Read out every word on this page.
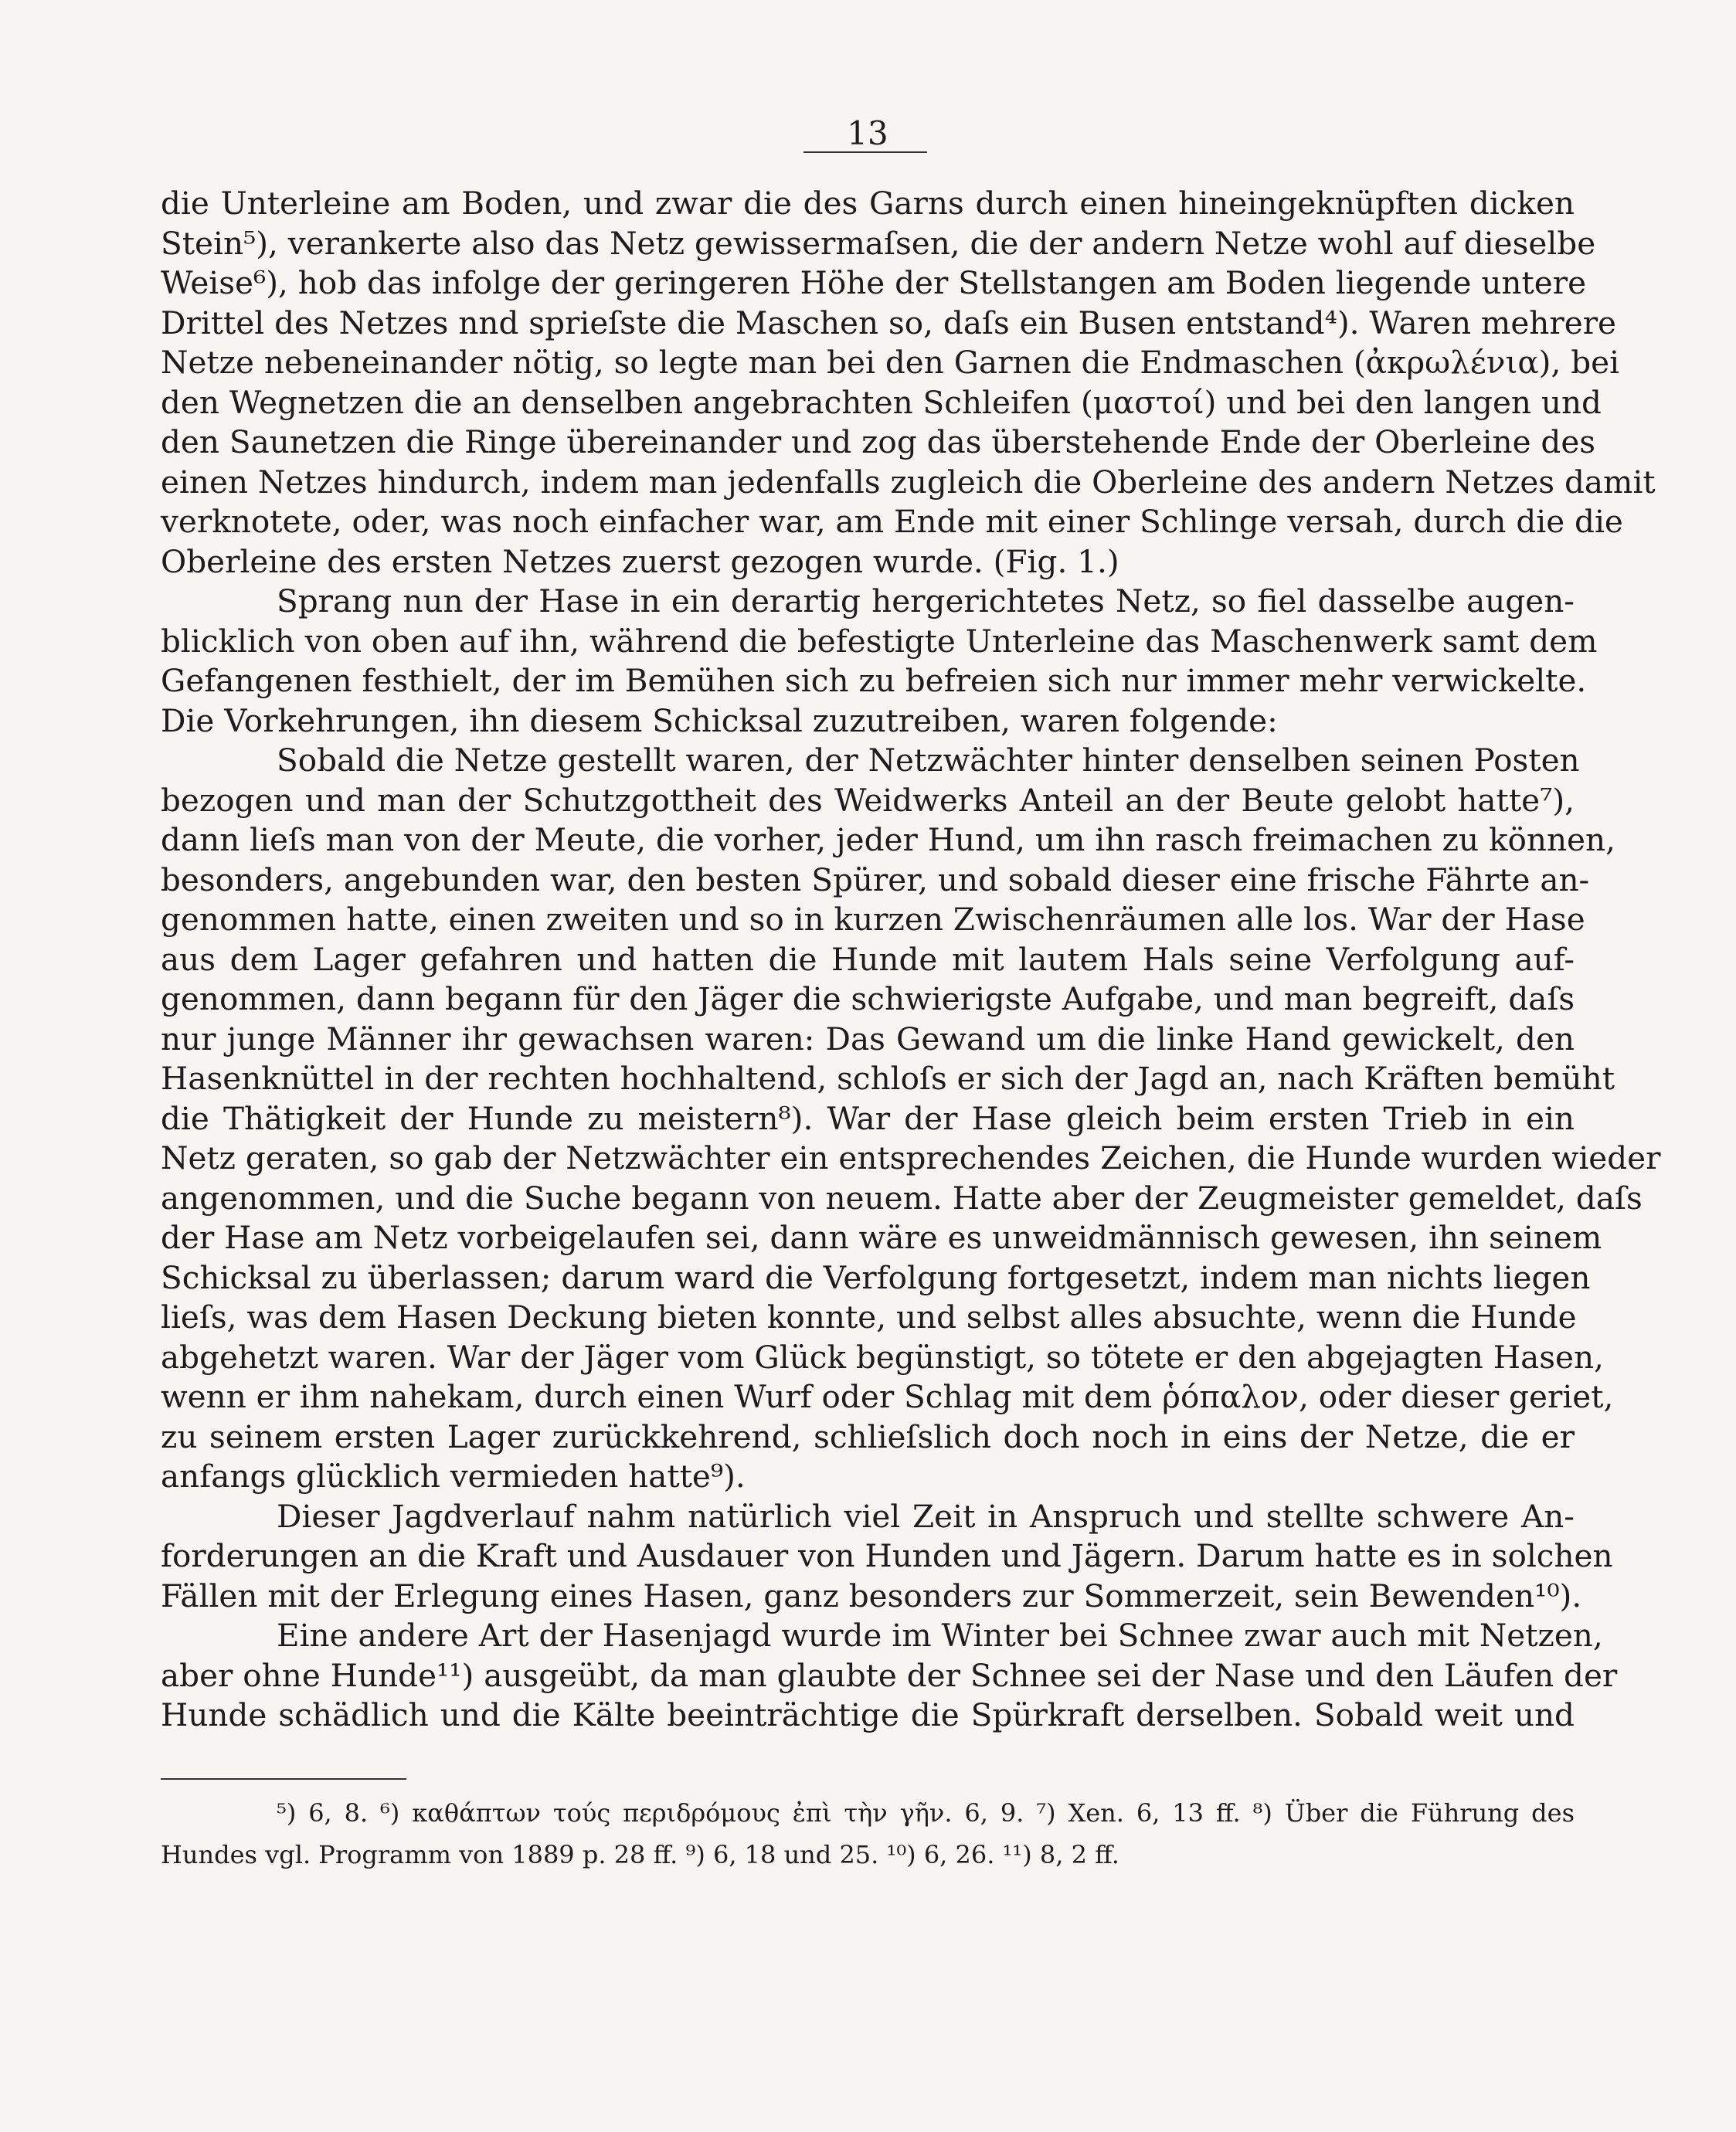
13
die Unterleine am Boden, und zwar die des Garns durch einen hineingeknüpften dicken
Stein⁵), verankerte also das Netz gewissermaſsen, die der andern Netze wohl auf dieselbe
Weise⁶), hob das infolge der geringeren Höhe der Stellstangen am Boden liegende untere
Drittel des Netzes nnd sprieſste die Maschen so, daſs ein Busen entstand⁴). Waren mehrere
Netze nebeneinander nötig, so legte man bei den Garnen die Endmaschen (ἀκρωλένια), bei
den Wegnetzen die an denselben angebrachten Schleifen (μαστοί) und bei den langen und
den Saunetzen die Ringe übereinander und zog das überstehende Ende der Oberleine des
einen Netzes hindurch, indem man jedenfalls zugleich die Oberleine des andern Netzes damit
verknotete, oder, was noch einfacher war, am Ende mit einer Schlinge versah, durch die die
Oberleine des ersten Netzes zuerst gezogen wurde. (Fig. 1.)
Sprang nun der Hase in ein derartig hergerichtetes Netz, so fiel dasselbe augen-
blicklich von oben auf ihn, während die befestigte Unterleine das Maschenwerk samt dem
Gefangenen festhielt, der im Bemühen sich zu befreien sich nur immer mehr verwickelte.
Die Vorkehrungen, ihn diesem Schicksal zuzutreiben, waren folgende:
Sobald die Netze gestellt waren, der Netzwächter hinter denselben seinen Posten
bezogen und man der Schutzgottheit des Weidwerks Anteil an der Beute gelobt hatte⁷),
dann lieſs man von der Meute, die vorher, jeder Hund, um ihn rasch freimachen zu können,
besonders, angebunden war, den besten Spürer, und sobald dieser eine frische Fährte an-
genommen hatte, einen zweiten und so in kurzen Zwischenräumen alle los. War der Hase
aus dem Lager gefahren und hatten die Hunde mit lautem Hals seine Verfolgung auf-
genommen, dann begann für den Jäger die schwierigste Aufgabe, und man begreift, daſs
nur junge Männer ihr gewachsen waren: Das Gewand um die linke Hand gewickelt, den
Hasenknüttel in der rechten hochhaltend, schloſs er sich der Jagd an, nach Kräften bemüht
die Thätigkeit der Hunde zu meistern⁸). War der Hase gleich beim ersten Trieb in ein
Netz geraten, so gab der Netzwächter ein entsprechendes Zeichen, die Hunde wurden wieder
angenommen, und die Suche begann von neuem. Hatte aber der Zeugmeister gemeldet, daſs
der Hase am Netz vorbeigelaufen sei, dann wäre es unweidmännisch gewesen, ihn seinem
Schicksal zu überlassen; darum ward die Verfolgung fortgesetzt, indem man nichts liegen
lieſs, was dem Hasen Deckung bieten konnte, und selbst alles absuchte, wenn die Hunde
abgehetzt waren. War der Jäger vom Glück begünstigt, so tötete er den abgejagten Hasen,
wenn er ihm nahekam, durch einen Wurf oder Schlag mit dem ῥόπαλον, oder dieser geriet,
zu seinem ersten Lager zurückkehrend, schlieſslich doch noch in eins der Netze, die er
anfangs glücklich vermieden hatte⁹).
Dieser Jagdverlauf nahm natürlich viel Zeit in Anspruch und stellte schwere An-
forderungen an die Kraft und Ausdauer von Hunden und Jägern. Darum hatte es in solchen
Fällen mit der Erlegung eines Hasen, ganz besonders zur Sommerzeit, sein Bewenden¹⁰).
Eine andere Art der Hasenjagd wurde im Winter bei Schnee zwar auch mit Netzen,
aber ohne Hunde¹¹) ausgeübt, da man glaubte der Schnee sei der Nase und den Läufen der
Hunde schädlich und die Kälte beeinträchtige die Spürkraft derselben. Sobald weit und
⁵) 6, 8. ⁶) καθάπτων τούς περιδρόμους ἐπὶ τὴν γῆν. 6, 9. ⁷) Xen. 6, 13 ff. ⁸) Über die Führung des
Hundes vgl. Programm von 1889 p. 28 ff. ⁹) 6, 18 und 25. ¹⁰) 6, 26. ¹¹) 8, 2 ff.
